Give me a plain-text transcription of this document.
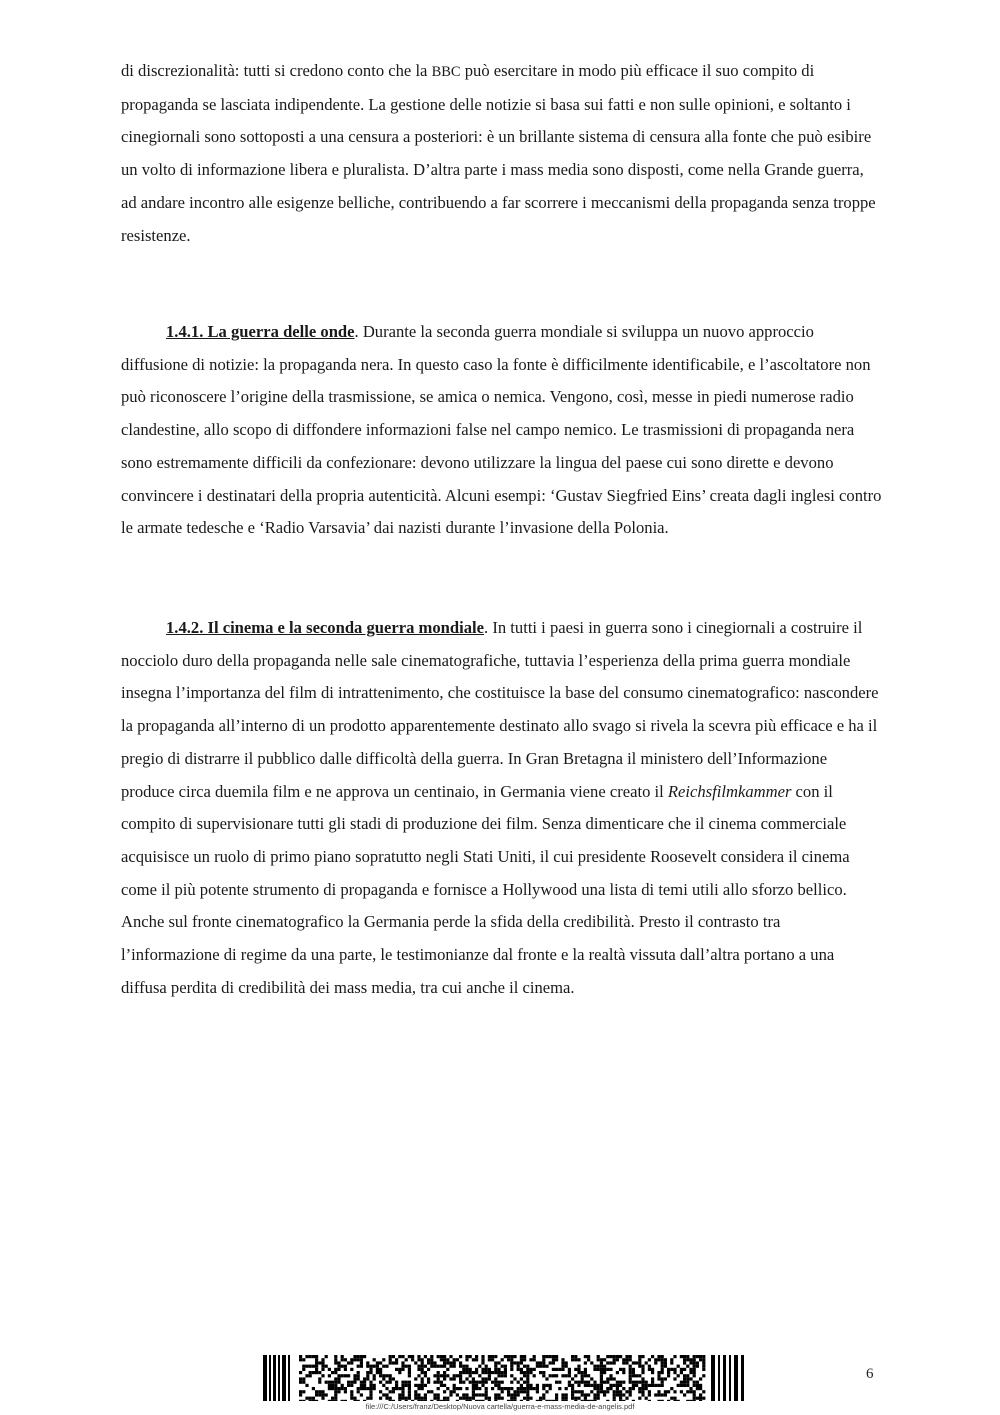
di discrezionalità: tutti si credono conto che la BBC può esercitare in modo più efficace il suo compito di propaganda se lasciata indipendente. La gestione delle notizie si basa sui fatti e non sulle opinioni, e soltanto i cinegiornali sono sottoposti a una censura a posteriori: è un brillante sistema di censura alla fonte che può esibire un volto di informazione libera e pluralista. D’altra parte i mass media sono disposti, come nella Grande guerra, ad andare incontro alle esigenze belliche, contribuendo a far scorrere i meccanismi della propaganda senza troppe resistenze.

1.4.1. La guerra delle onde. Durante la seconda guerra mondiale si sviluppa un nuovo approccio diffusione di notizie: la propaganda nera. In questo caso la fonte è difficilmente identificabile, e l’ascoltatore non può riconoscere l’origine della trasmissione, se amica o nemica. Vengono, così, messe in piedi numerose radio clandestine, allo scopo di diffondere informazioni false nel campo nemico. Le trasmissioni di propaganda nera sono estremamente difficili da confezionare: devono utilizzare la lingua del paese cui sono dirette e devono convincere i destinatari della propria autenticità. Alcuni esempi: ‘Gustav Siegfried Eins’ creata dagli inglesi contro le armate tedesche e ‘Radio Varsavia’ dai nazisti durante l’invasione della Polonia.

1.4.2. Il cinema e la seconda guerra mondiale. In tutti i paesi in guerra sono i cinegiornali a costruire il nocciolo duro della propaganda nelle sale cinematografiche, tuttavia l’esperienza della prima guerra mondiale insegna l’importanza del film di intrattenimento, che costituisce la base del consumo cinematografico: nascondere la propaganda all’interno di un prodotto apparentemente destinato allo svago si rivela la scevra più efficace e ha il pregio di distrarre il pubblico dalle difficoltà della guerra. In Gran Bretagna il ministero dell’Informazione produce circa duemila film e ne approva un centinaio, in Germania viene creato il Reichsfilmkammer con il compito di supervisionare tutti gli stadi di produzione dei film. Senza dimenticare che il cinema commerciale acquisisce un ruolo di primo piano sopratutto negli Stati Uniti, il cui presidente Roosevelt considera il cinema come il più potente strumento di propaganda e fornisce a Hollywood una lista di temi utili allo sforzo bellico. Anche sul fronte cinematografico la Germania perde la sfida della credibilità. Presto il contrasto tra l’informazione di regime da una parte, le testimonianze dal fronte e la realtà vissuta dall’altra portano a una diffusa perdita di credibilità dei mass media, tra cui anche il cinema.

file:///C:/Users/franz/Desktop/Nuova cartella/guerra-e-mass-media-de-angelis.pdf
6
